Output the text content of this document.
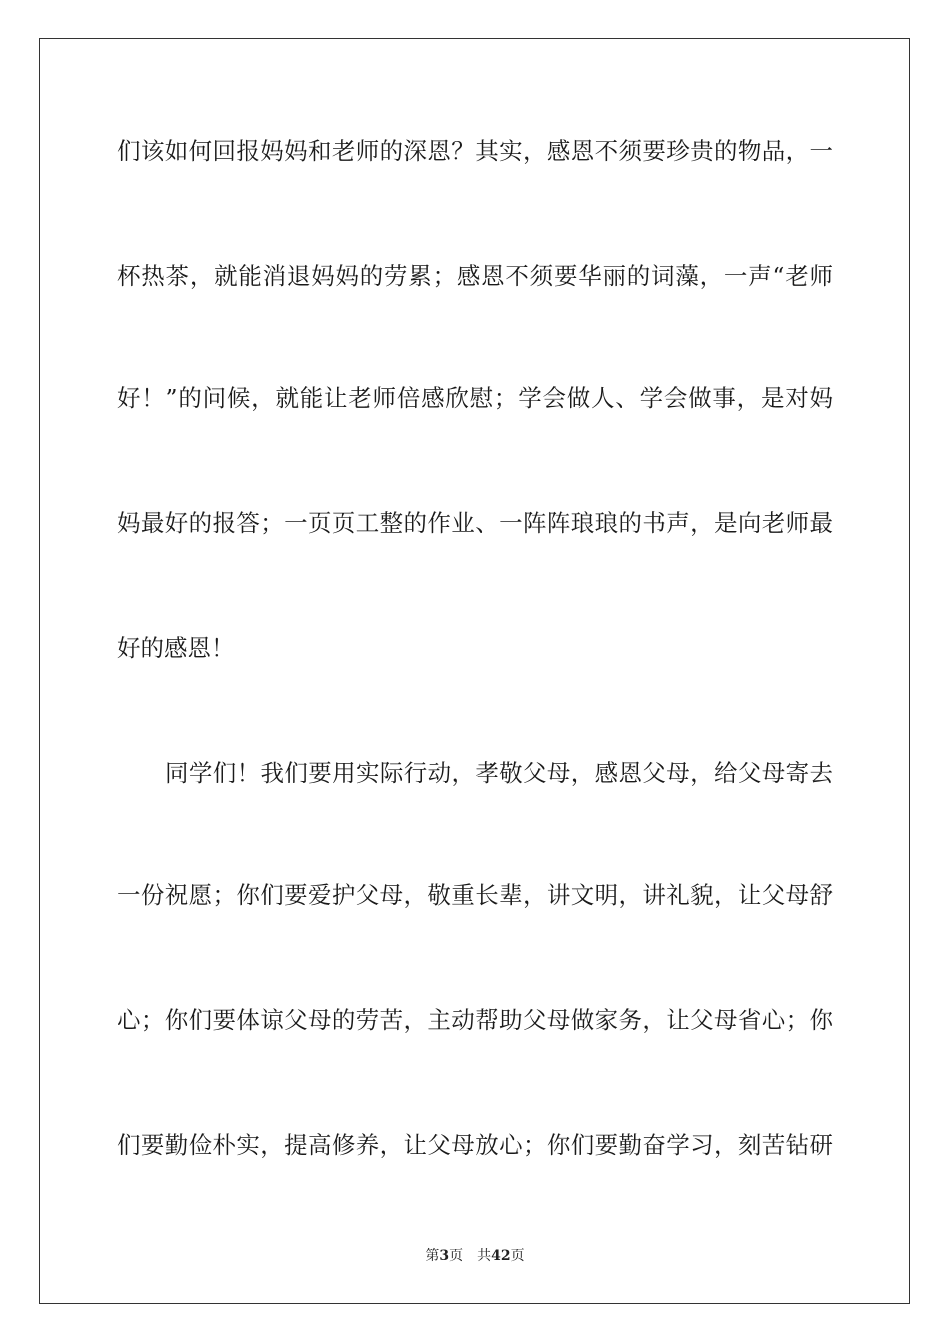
们该如何回报妈妈和老师的深恩？其实，感恩不须要珍贵的物品，一
杯热茶，就能消退妈妈的劳累；感恩不须要华丽的词藻，一声“老师
好！”的问候，就能让老师倍感欣慰；学会做人、学会做事，是对妈
妈最好的报答；一页页工整的作业、一阵阵琅琅的书声，是向老师最
好的感恩！
同学们！我们要用实际行动，孝敬父母，感恩父母，给父母寄去
一份祝愿；你们要爱护父母，敬重长辈，讲文明，讲礼貌，让父母舒
心；你们要体谅父母的劳苦，主动帮助父母做家务，让父母省心；你
们要勤俭朴实，提高修养，让父母放心；你们要勤奋学习，刻苦钻研
第3页 共42页
